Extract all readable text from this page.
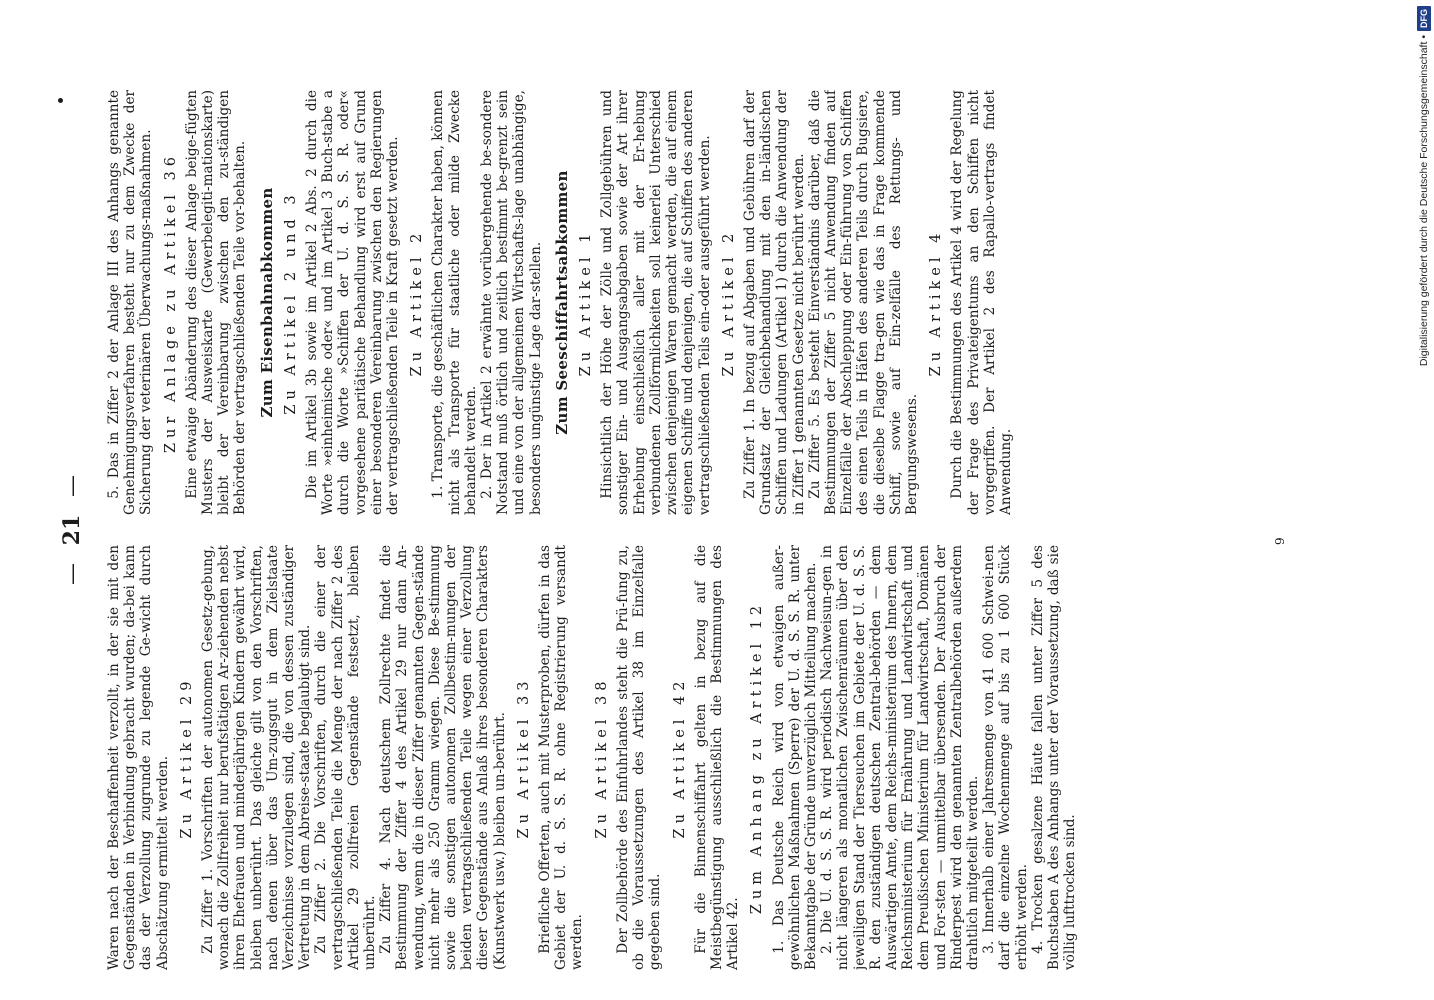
— 21 —

Waren nach der Beschaffenheit verzollt, in der sie mit den Gegenständen in Verbindung gebracht wurden; da-bei kann das der Verzollung zugrunde zu legende Ge-wicht durch Abschätzung ermittelt werden. Zu Artikel 29 Zu Ziffer 1. Vorschriften der autonomen Gesetz-gebung, wonach die Zollfreiheit nur berufstätigen Ar-ziehenden nebst ihren Ehefrauen und minderjährigen Kindern gewährt wird, bleiben unberührt. Das gleiche gilt von den Vorschriften, nach denen über das Um-zugsgut in dem Zielstaate Verzeichnisse vorzulegen sind, die von dessen zuständiger Vertretung in dem Abreise-staate beglaubigt sind. Zu Ziffer 2. Die Vorschriften, durch die einer der vertragschließenden Teile die Menge der nach Ziffer 2 des Artikel 29 zollfreien Gegenstände festsetzt, bleiben unberührt. Zu Ziffer 4. Nach deutschem Zollrechte findet die Bestimmung der Ziffer 4 des Artikel 29 nur dann An-wendung, wenn die in dieser Ziffer genannten Gegen-stände nicht mehr als 250 Gramm wiegen. Diese Be-stimmung sowie die sonstigen autonomen Zollbestim-mungen der beiden vertragschließenden Teile wegen einer Verzollung dieser Gegenstände aus Anlaß ihres besonderen Charakters (Kunstwerk usw.) bleiben un-berührt. Zu Artikel 33 Briefliche Offerten, auch mit Musterproben, dürfen in das Gebiet der U. d. S. S. R. ohne Registrierung versandt werden.

Zu Artikel 38 Der Zollbehörde des Einfuhrlandes steht die Prü-fung zu, ob die Voraussetzungen des Artikel 38 im Einzelfalle gegeben sind.

Zu Artikel 42 Für die Binnenschiffahrt gelten in bezug auf die Meistbegünstigung ausschließlich die Bestimmungen des Artikel 42.

Zum Anhang zu Artikel 12 1. Das Deutsche Reich wird von etwaigen außer-gewöhnlichen Maßnahmen (Sperre) der U. d. S. S. R. unter Bekanntgabe der Gründe unverzüglich Mitteilung machen. 2. Die U. d. S. S. R. wird periodisch Nachweisun-gen in nicht längeren als monatlichen Zwischenräumen über den jeweiligen Stand der Tierseuchen im Gebiete der U. d. S. S. R. den zuständigen deutschen Zentral-behörden — dem Auswärtigen Amte, dem Reichs-ministerium des Innern, dem Reichsministerium für Ernährung und Landwirtschaft und dem Preußischen Ministerium für Landwirtschaft, Domänen und For-sten — unmittelbar übersenden. Der Ausbruch der Rinderpest wird den genannten Zentralbehörden außerdem drahtlich mitgeteilt werden. 3. Innerhalb einer Jahresmenge von 41 600 Schwei-nen darf die einzelne Wochenmenge auf bis zu 1 600 Stück erhöht werden. 4. Trocken gesalzene Häute fallen unter Ziffer 5 des Buchstaben A des Anhangs unter der Voraussetzung, daß sie völlig lufttrocken sind.

5. Das in Ziffer 2 der Anlage III des Anhangs genannte Genehmigungsverfahren besteht nur zu dem Zwecke der Sicherung der veterinären Überwachungs-maßnahmen. Zur Anlage zu Artikel 36 Eine etwaige Abänderung des dieser Anlage beige-fügten Musters der Ausweiskarte (Gewerbelegiti-mationskarte) bleibt der Vereinbarung zwischen den zu-ständigen Behörden der vertragschließenden Teile vor-behalten. Zum Eisenbahnabkommen Zu Artikel 2 und 3 Die im Artikel 3b sowie im Artikel 2 Abs. 2 durch die Worte »einheimische oder« und im Artikel 3 Buch-stabe a durch die Worte »Schiffen der U. d. S. S. R. oder« vorgesehene paritätische Behandlung wird erst auf Grund einer besonderen Vereinbarung zwischen den Regierungen der vertragschließenden Teile in Kraft gesetzt werden. Zu Artikel 2 1. Transporte, die geschäftlichen Charakter haben, können nicht als Transporte für staatliche oder milde Zwecke behandelt werden. 2. Der in Artikel 2 erwähnte vorübergehende be-sondere Notstand muß örtlich und zeitlich bestimmt be-grenzt sein und eine von der allgemeinen Wirtschafts-lage unabhängige, besonders ungünstige Lage dar-stellen. Zum Seeschiffahrtsabkommen Zu Artikel 1 Hinsichtlich der Höhe der Zölle und Zollgebühren und sonstiger Ein- und Ausgangsabgaben sowie der Art ihrer Erhebung einschließlich aller mit der Er-hebung verbundenen Zollförmlichkeiten soll keinerlei Unterschied zwischen denjenigen Waren gemacht werden, die auf einem eigenen Schiffe und denjenigen, die auf Schiffen des anderen vertragschließenden Teils ein-oder ausgeführt werden. Zu Artikel 2 Zu Ziffer 1. In bezug auf Abgaben und Gebühren darf der Grundsatz der Gleichbehandlung mit den in-ländischen Schiffen und Ladungen (Artikel 1) durch die Anwendung der in Ziffer 1 genannten Gesetze nicht berührt werden. Zu Ziffer 5. Es besteht Einverständnis darüber, daß die Bestimmungen der Ziffer 5 nicht Anwendung finden auf Einzelfälle der Abschleppung oder Ein-führung von Schiffen des einen Teils in Häfen des anderen Teils durch Bugsiere, die dieselbe Flagge tra-gen wie das in Frage kommende Schiff, sowie auf Ein-zelfälle des Rettungs- und Bergungswesens.

Zu Artikel 4 Durch die Bestimmungen des Artikel 4 wird der Regelung der Frage des Privateigentums an den Schiffen nicht vorgegriffen. Der Artikel 2 des Rapallo-vertrags findet Anwendung.

6
DFG
Digitalisierung gefördert durch die Deutsche Forschungsgemeinschaft •
